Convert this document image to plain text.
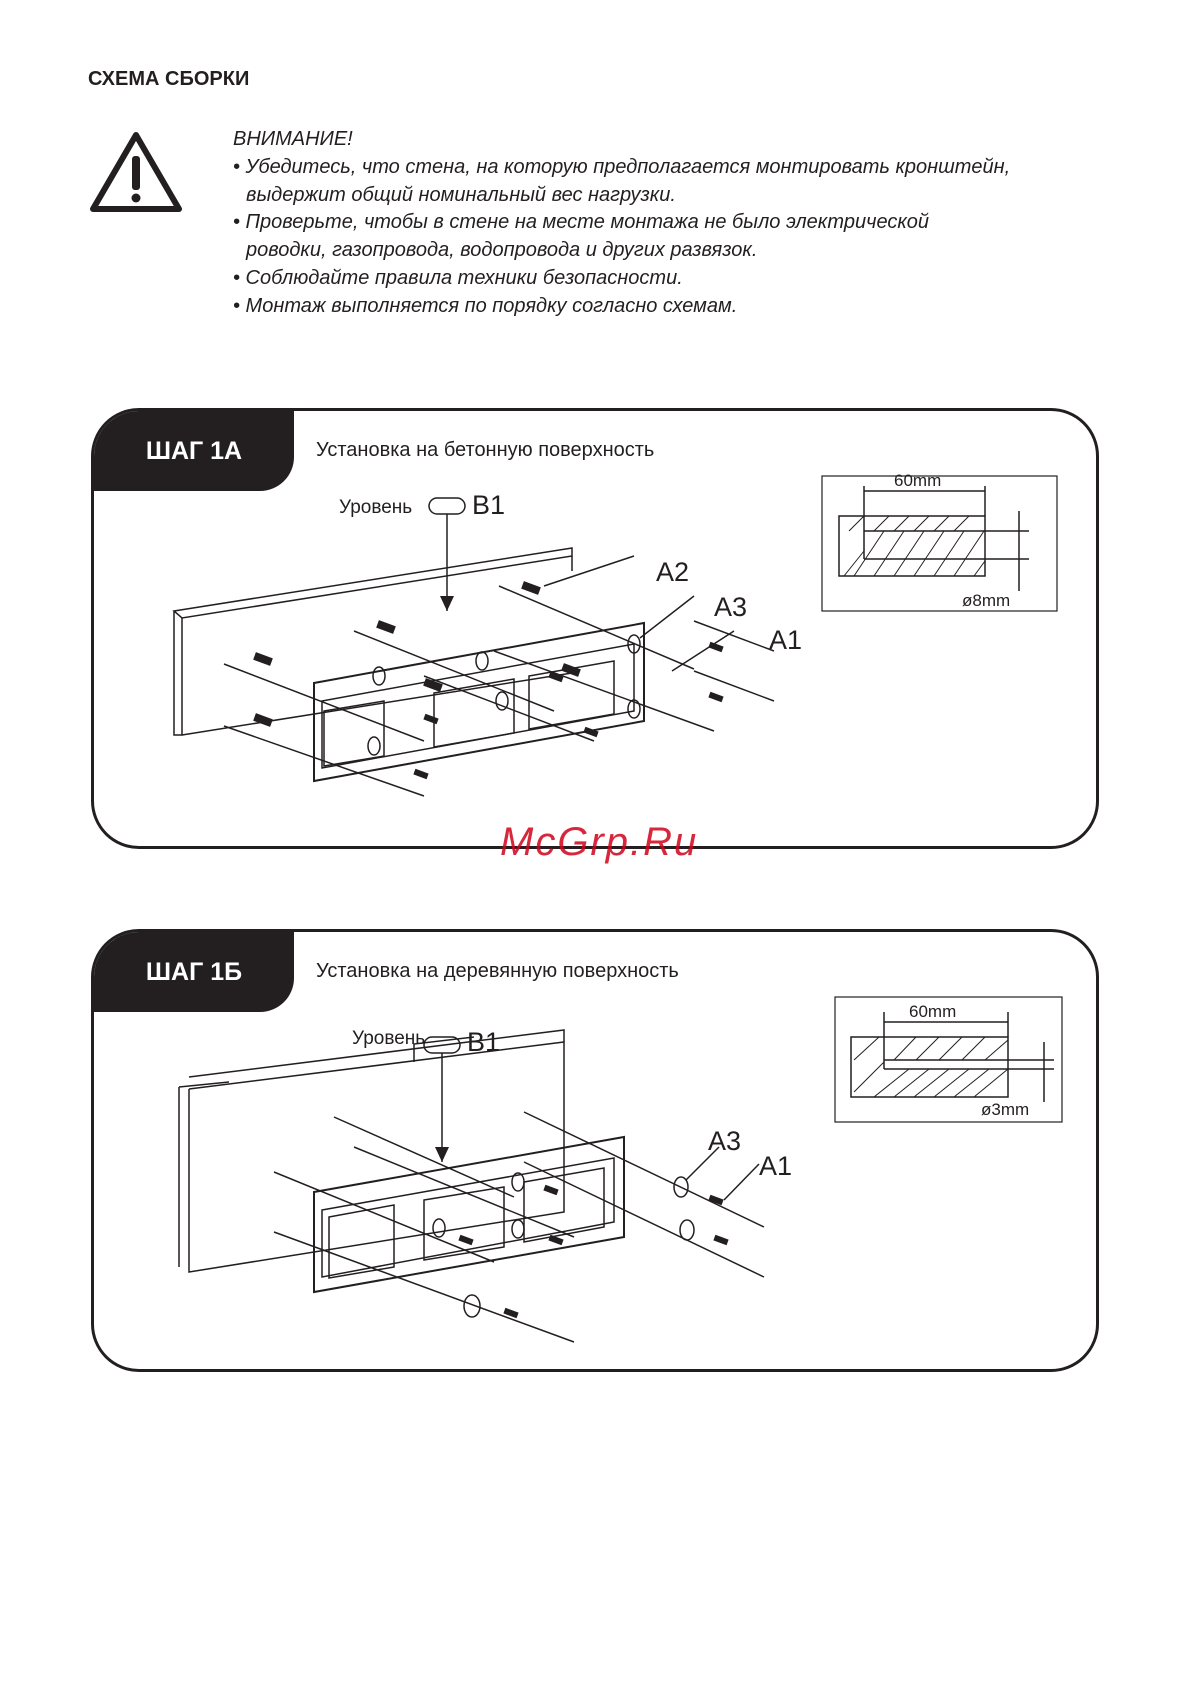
СХЕМА СБОРКИ
ВНИМАНИЕ!
• Убедитесь, что стена, на которую предполагается монтировать кронштейн,
выдержит общий номинальный вес нагрузки.
• Проверьте, чтобы в стене на месте монтажа не было электрической
роводки, газопровода, водопровода и других развязок.
• Соблюдайте правила техники безопасности.
• Монтаж выполняется по порядку согласно схемам.
ШАГ 1А	Установка на бетонную поверхность
Уровень B1
A2
A3
A1
60mm
ø8mm
ШАГ 1Б	Установка на деревянную поверхность
Уровень B1
A3
A1
60mm
ø3mm
McGrp.Ru
